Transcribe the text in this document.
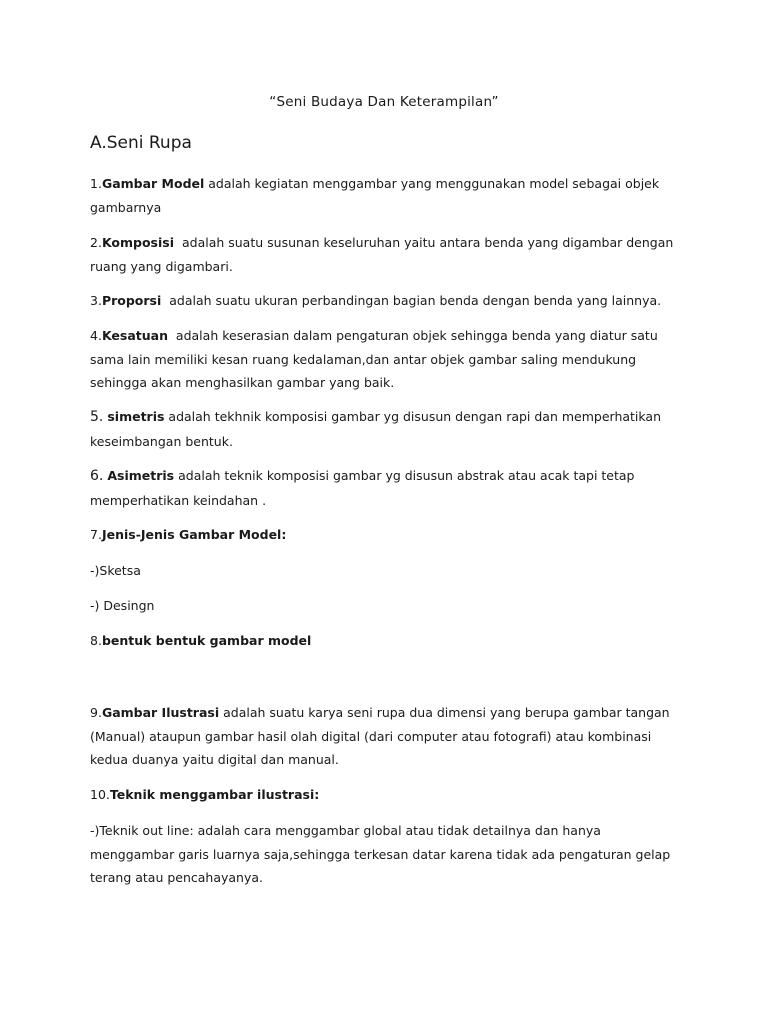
“Seni Budaya Dan Keterampilan”
A.Seni Rupa
1.Gambar Model adalah kegiatan menggambar yang menggunakan model sebagai objek
gambarnya
2.Komposisi adalah suatu susunan keseluruhan yaitu antara benda yang digambar dengan
ruang yang digambari.
3.Proporsi  adalah suatu ukuran perbandingan bagian benda dengan benda yang lainnya.
4.Kesatuan  adalah keserasian dalam pengaturan objek sehingga benda yang diatur satu
sama lain memiliki kesan ruang kedalaman,dan antar objek gambar saling mendukung
sehingga akan menghasilkan gambar yang baik.
5. simetris adalah tekhnik komposisi gambar yg disusun dengan rapi dan memperhatikan
keseimbangan bentuk.
6. Asimetris adalah teknik komposisi gambar yg disusun abstrak atau acak tapi tetap
memperhatikan keindahan .
7.Jenis-Jenis Gambar Model:
-)Sketsa
-) Desingn
8.bentuk bentuk gambar model
9.Gambar Ilustrasi adalah suatu karya seni rupa dua dimensi yang berupa gambar tangan
(Manual) ataupun gambar hasil olah digital (dari computer atau fotografi) atau kombinasi
kedua duanya yaitu digital dan manual.
10.Teknik menggambar ilustrasi:
-)Teknik out line: adalah cara menggambar global atau tidak detailnya dan hanya
menggambar garis luarnya saja,sehingga terkesan datar karena tidak ada pengaturan gelap
terang atau pencahayanya.
